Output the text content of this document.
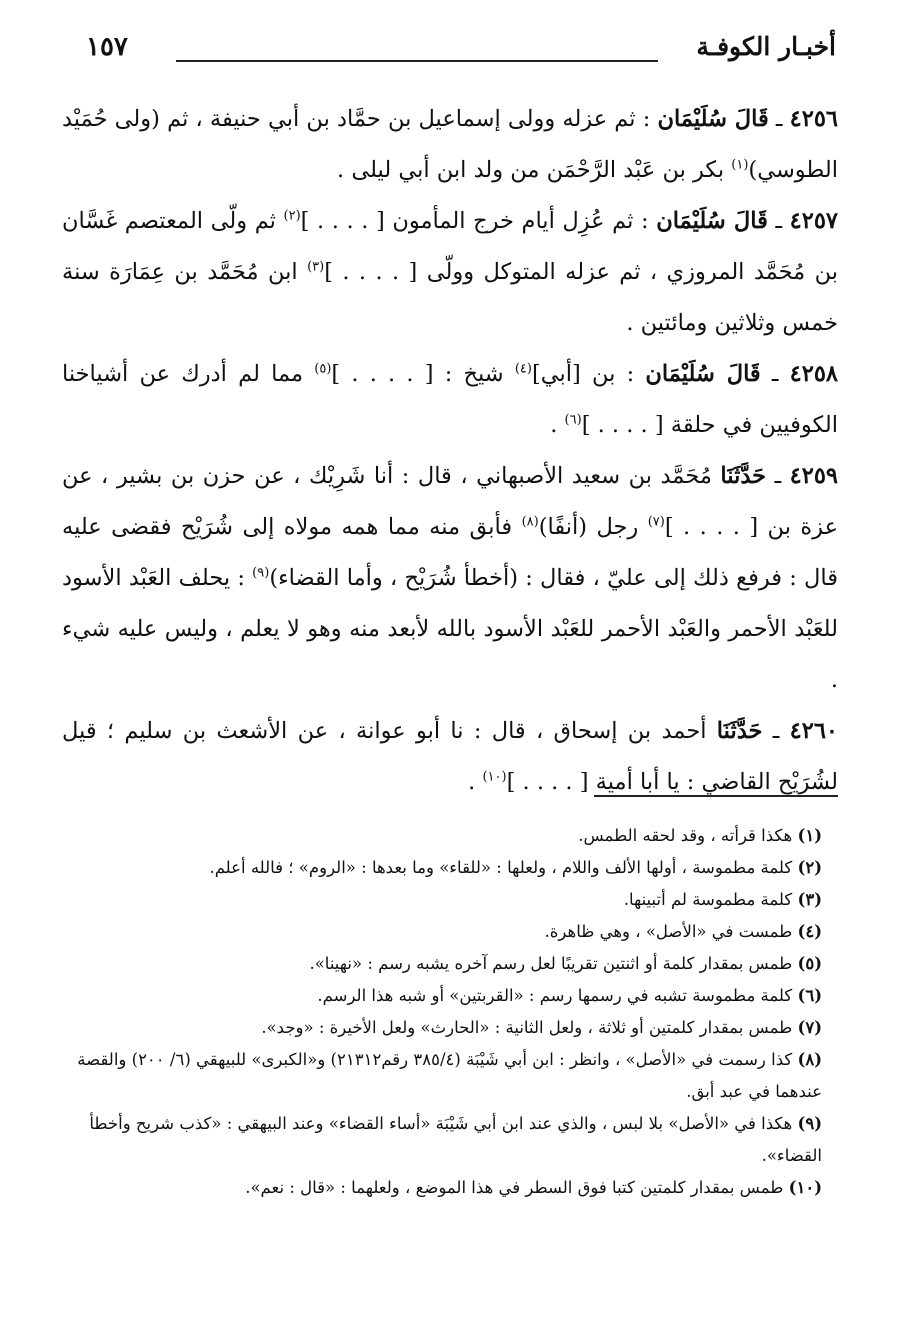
أخبـار الكوفـة
١٥٧

٤٢٥٦ ـ قَالَ سُلَيْمَان : ثم عزله وولى إسماعيل بن حمَّاد بن أبي حنيفة ، ثم (ولى حُمَيْد الطوسي)$^{(١)}$ بكر بن عَبْد الرَّحْمَن من ولد ابن أبي ليلى .

٤٢٥٧ ـ قَالَ سُلَيْمَان : ثم عُزِل أيام خرج المأمون [ . . . . ]$^{(٢)}$ ثم ولّى المعتصم غَسَّان بن مُحَمَّد المروزي ، ثم عزله المتوكل وولّى [ . . . . ]$^{(٣)}$ ابن مُحَمَّد بن عِمَارَة سنة خمس وثلاثين ومائتين .

٤٢٥٨ ـ قَالَ سُلَيْمَان : بن [أبي]$^{(٤)}$ شيخ : [ . . . . ]$^{(٥)}$ مما لم أدرك عن أشياخنا الكوفيين في حلقة [ . . . . ]$^{(٦)}$ .

٤٢٥٩ ـ حَدَّثَنَا مُحَمَّد بن سعيد الأصبهاني ، قال : أنا شَرِيْك ، عن حزن بن بشير ، عن عزة بن [ . . . . ]$^{(٧)}$ رجل (أنفًا)$^{(٨)}$ فأبق منه مما همه مولاه إلى شُرَيْح فقضى عليه قال : فرفع ذلك إلى عليّ ، فقال : (أخطأ شُرَيْح ، وأما القضاء)$^{(٩)}$ : يحلف العَبْد الأسود للعَبْد الأحمر والعَبْد الأحمر للعَبْد الأسود بالله لأبعد منه وهو لا يعلم ، وليس عليه شيء .

٤٢٦٠ ـ حَدَّثَنَا أحمد بن إسحاق ، قال : نا أبو عوانة ، عن الأشعث بن سليم ؛ قيل لشُرَيْح القاضي : يا أبا أمية [ . . . . ]$^{(١٠)}$ .

(١) هكذا قرأته ، وقد لحقه الطمس.

(٢) كلمة مطموسة ، أولها الألف واللام ، ولعلها : «للقاء» وما بعدها : «الروم» ؛ فالله أعلم.

(٣) كلمة مطموسة لم أتبينها.

(٤) طمست في «الأصل» ، وهي ظاهرة.

(٥) طمس بمقدار كلمة أو اثنتين تقريبًا لعل رسم آخره يشبه رسم : «نهينا».

(٦) كلمة مطموسة تشبه في رسمها رسم : «القربتين» أو شبه هذا الرسم.

(٧) طمس بمقدار كلمتين أو ثلاثة ، ولعل الثانية : «الحارث» ولعل الأخيرة : «وجد».

(٨) كذا رسمت في «الأصل» ، وانظر : ابن أبي شَيْبَة (٣٨٥/٤ رقم٢١٣١٢) و«الكبرى» للبيهقي (٦/ ٢٠٠) والقصة عندهما في عبد أبق.

(٩) هكذا في «الأصل» بلا لبس ، والذي عند ابن أبي شَيْبَة «أساء القضاء» وعند البيهقي : «كذب شريح وأخطأ القضاء».

(١٠) طمس بمقدار كلمتين كتبا فوق السطر في هذا الموضع ، ولعلهما : «قال : نعم».
